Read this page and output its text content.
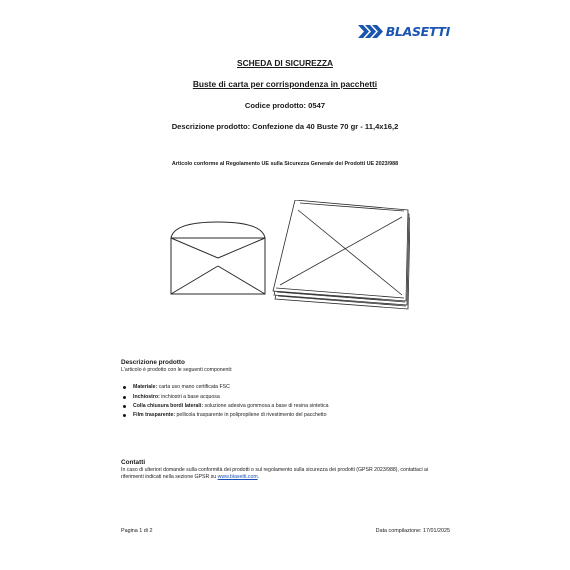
BLASETTI
SCHEDA DI SICUREZZA
Buste di carta per corrispondenza in pacchetti
Codice prodotto: 0547
Descrizione prodotto: Confezione da 40 Buste 70 gr - 11,4x16,2
Articolo conforme al Regolamento UE sulla Sicurezza Generale dei Prodotti UE 2023/988
Descrizione prodotto
L'articolo è prodotto con le seguenti componenti:
Materiale: carta uso mano certificata FSC
Inchiostro: inchiostri a base acquosa
Colla chiusura bordi laterali: soluzione adesiva gommosa a base di resina sintetica
Film trasparente: pellicola trasparente in polipropilene di rivestimento del pacchetto
Contatti
In caso di ulteriori domande sulla conformità dei prodotti o sul regolamento sulla sicurezza dei prodotti (GPSR 2023/988), contattaci ai riferimenti indicati nella sezione GPSR su www.blasetti.com.
Pagina 1 di 2	Data compilazione: 17/01/2025
